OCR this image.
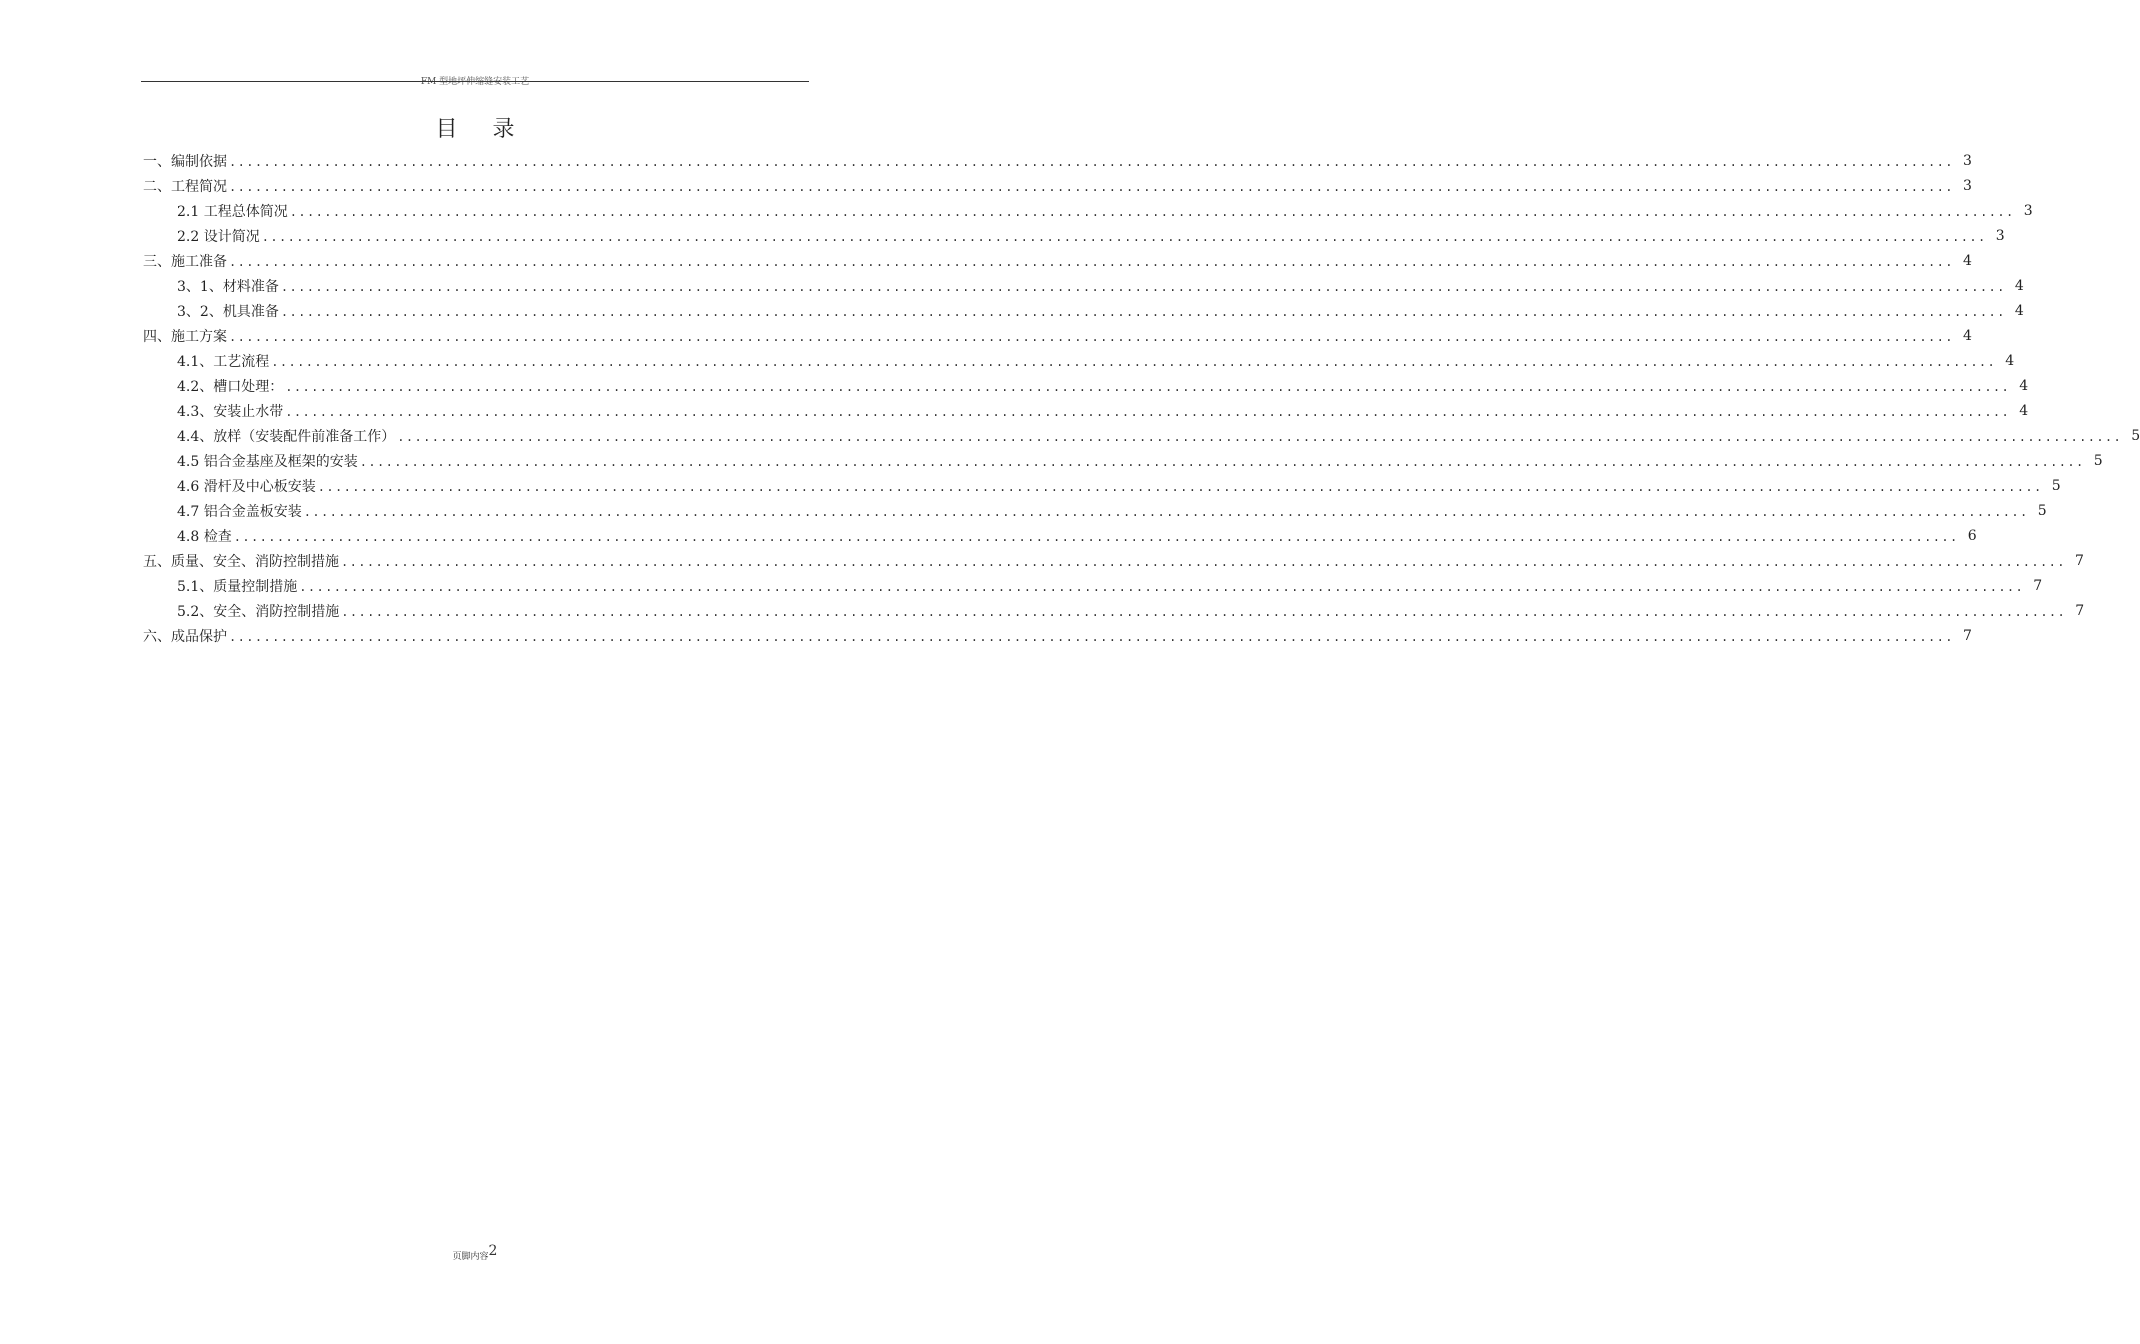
FM 型地坪伸缩缝安装工艺
目 录
一、编制依据 ........................................................................................................................................................................................................ 3
二、工程简况 ........................................................................................................................................................................................................ 3
2.1 工程总体简况 ........................................................................................................................................................................................................ 3
2.2 设计简况 ........................................................................................................................................................................................................ 3
三、施工准备 ........................................................................................................................................................................................................ 4
3、1、材料准备 ........................................................................................................................................................................................................ 4
3、2、机具准备 ........................................................................................................................................................................................................ 4
四、施工方案 ........................................................................................................................................................................................................ 4
4.1、工艺流程 ........................................................................................................................................................................................................ 4
4.2、槽口处理： ........................................................................................................................................................................................................ 4
4.3、安装止水带 ........................................................................................................................................................................................................ 4
4.4、放样（安装配件前准备工作） ........................................................................................................................................................................................................ 5
4.5 铝合金基座及框架的安装 ........................................................................................................................................................................................................ 5
4.6 滑杆及中心板安装 ........................................................................................................................................................................................................ 5
4.7 铝合金盖板安装 ........................................................................................................................................................................................................ 5
4.8 检查 ........................................................................................................................................................................................................ 6
五、质量、安全、消防控制措施 ........................................................................................................................................................................................................ 7
5.1、质量控制措施 ........................................................................................................................................................................................................ 7
5.2、安全、消防控制措施 ........................................................................................................................................................................................................ 7
六、成品保护 ........................................................................................................................................................................................................ 7
页脚内容2
